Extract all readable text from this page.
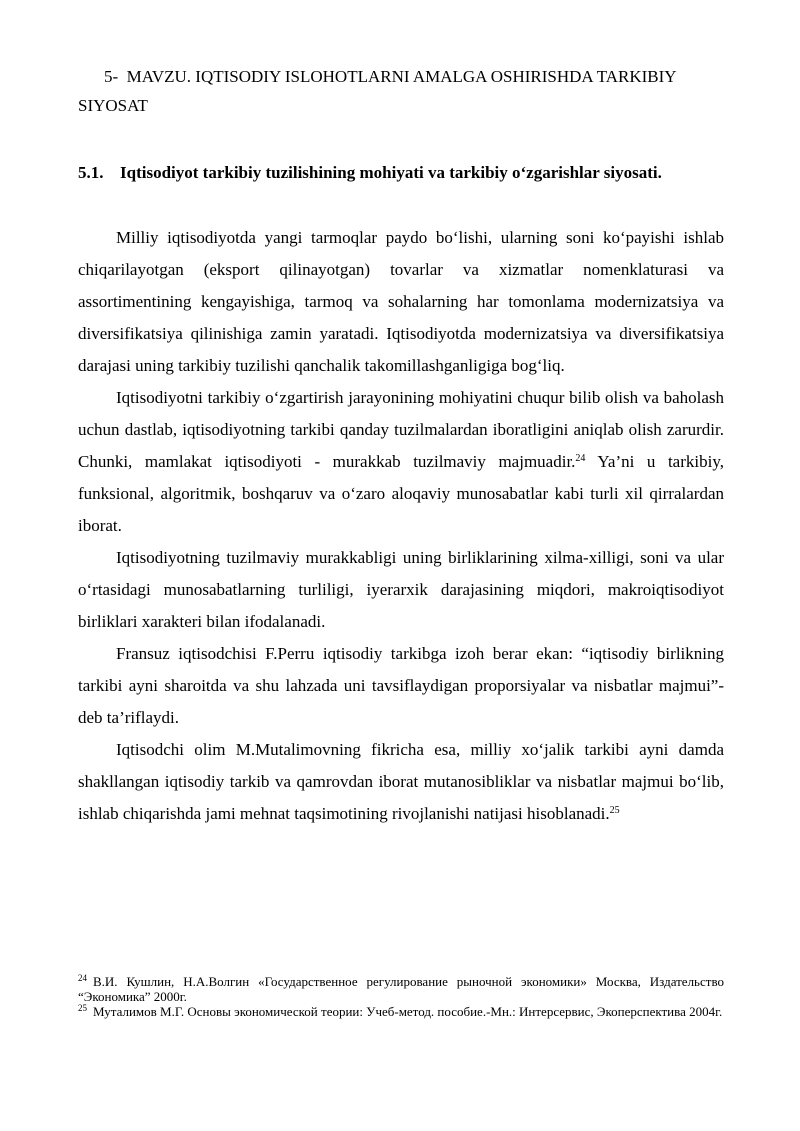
5- MAVZU. IQTISODIY ISLOHOTLARNI AMALGA OSHIRISHDA TARKIBIY SIYOSAT
5.1. Iqtisodiyot tarkibiy tuzilishining mohiyati va tarkibiy o‘zgarishlar siyosati.

Milliy iqtisodiyotda yangi tarmoqlar paydo bo‘lishi, ularning soni ko‘payishi ishlab chiqarilayotgan (eksport qilinayotgan) tovarlar va xizmatlar nomenklaturasi va assortimentining kengayishiga, tarmoq va sohalarning har tomonlama modernizatsiya va diversifikatsiya qilinishiga zamin yaratadi. Iqtisodiyotda modernizatsiya va diversifikatsiya darajasi uning tarkibiy tuzilishi qanchalik takomillashganligiga bog‘liq.

Iqtisodiyotni tarkibiy o‘zgartirish jarayonining mohiyatini chuqur bilib olish va baholash uchun dastlab, iqtisodiyotning tarkibi qanday tuzilmalardan iboratligini aniqlab olish zarurdir. Chunki, mamlakat iqtisodiyoti - murakkab tuzilmaviy majmuadir.$^{24}$ Ya’ni u tarkibiy, funksional, algoritmik, boshqaruv va o‘zaro aloqaviy munosabatlar kabi turli xil qirralardan iborat.

Iqtisodiyotning tuzilmaviy murakkabligi uning birliklarining xilma-xilligi, soni va ular o‘rtasidagi munosabatlarning turliligi, iyerarxik darajasining miqdori, makroiqtisodiyot birliklari xarakteri bilan ifodalanadi.

Fransuz iqtisodchisi F.Perru iqtisodiy tarkibga izoh berar ekan: “iqtisodiy birlikning tarkibi ayni sharoitda va shu lahzada uni tavsiflaydigan proporsiyalar va nisbatlar majmui”- deb ta’riflaydi.

Iqtisodchi olim M.Mutalimovning fikricha esa, milliy xo‘jalik tarkibi ayni damda shakllangan iqtisodiy tarkib va qamrovdan iborat mutanosibliklar va nisbatlar majmui bo‘lib, ishlab chiqarishda jami mehnat taqsimotining rivojlanishi natijasi hisoblanadi.$^{25}$

$^{24}$ В.И. Кушлин, Н.А.Волгин «Государственное регулирование рыночной экономики» Москва, Издательство “Экономика” 2000г.

$^{25}$ Муталимов М.Г. Основы экономической теории: Учеб-метод. пособие.-Мн.: Интерсервис, Экоперспектива 2004г.
